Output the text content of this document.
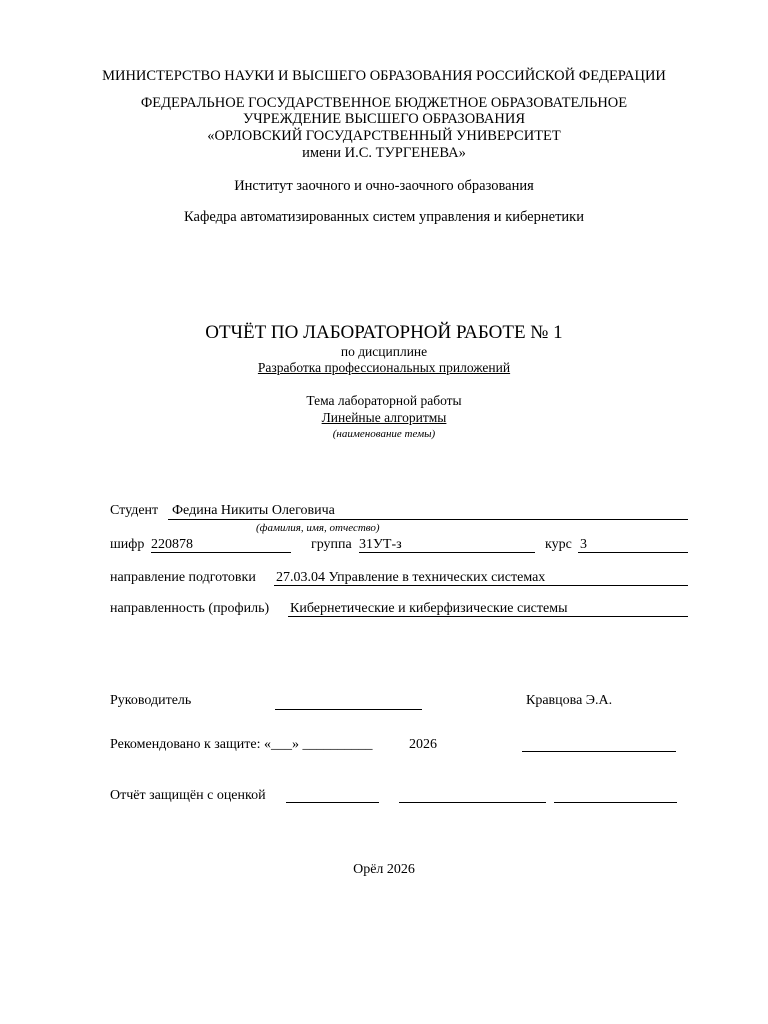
МИНИСТЕРСТВО НАУКИ И ВЫСШЕГО ОБРАЗОВАНИЯ РОССИЙСКОЙ ФЕДЕРАЦИИ
ФЕДЕРАЛЬНОЕ ГОСУДАРСТВЕННОЕ БЮДЖЕТНОЕ ОБРАЗОВАТЕЛЬНОЕ
УЧРЕЖДЕНИЕ ВЫСШЕГО ОБРАЗОВАНИЯ
«ОРЛОВСКИЙ ГОСУДАРСТВЕННЫЙ УНИВЕРСИТЕТ
имени И.С. ТУРГЕНЕВА»
Институт заочного и очно-заочного образования
Кафедра автоматизированных систем управления и кибернетики
ОТЧЁТ ПО ЛАБОРАТОРНОЙ РАБОТЕ № 1
по дисциплине
Разработка профессиональных приложений
Тема лабораторной работы
Линейные алгоритмы
(наименование темы)
Студент Федина Никиты Олеговича
(фамилия, имя, отчество)
шифр 220878	группа 31УТ-з	курс 3
направление подготовки 27.03.04 Управление в технических системах
направленность (профиль) Кибернетические и киберфизические системы
Руководитель	Кравцова Э.А.
Рекомендовано к защите: «___» __________	2026
Отчёт защищён с оценкой
Орёл 2026
